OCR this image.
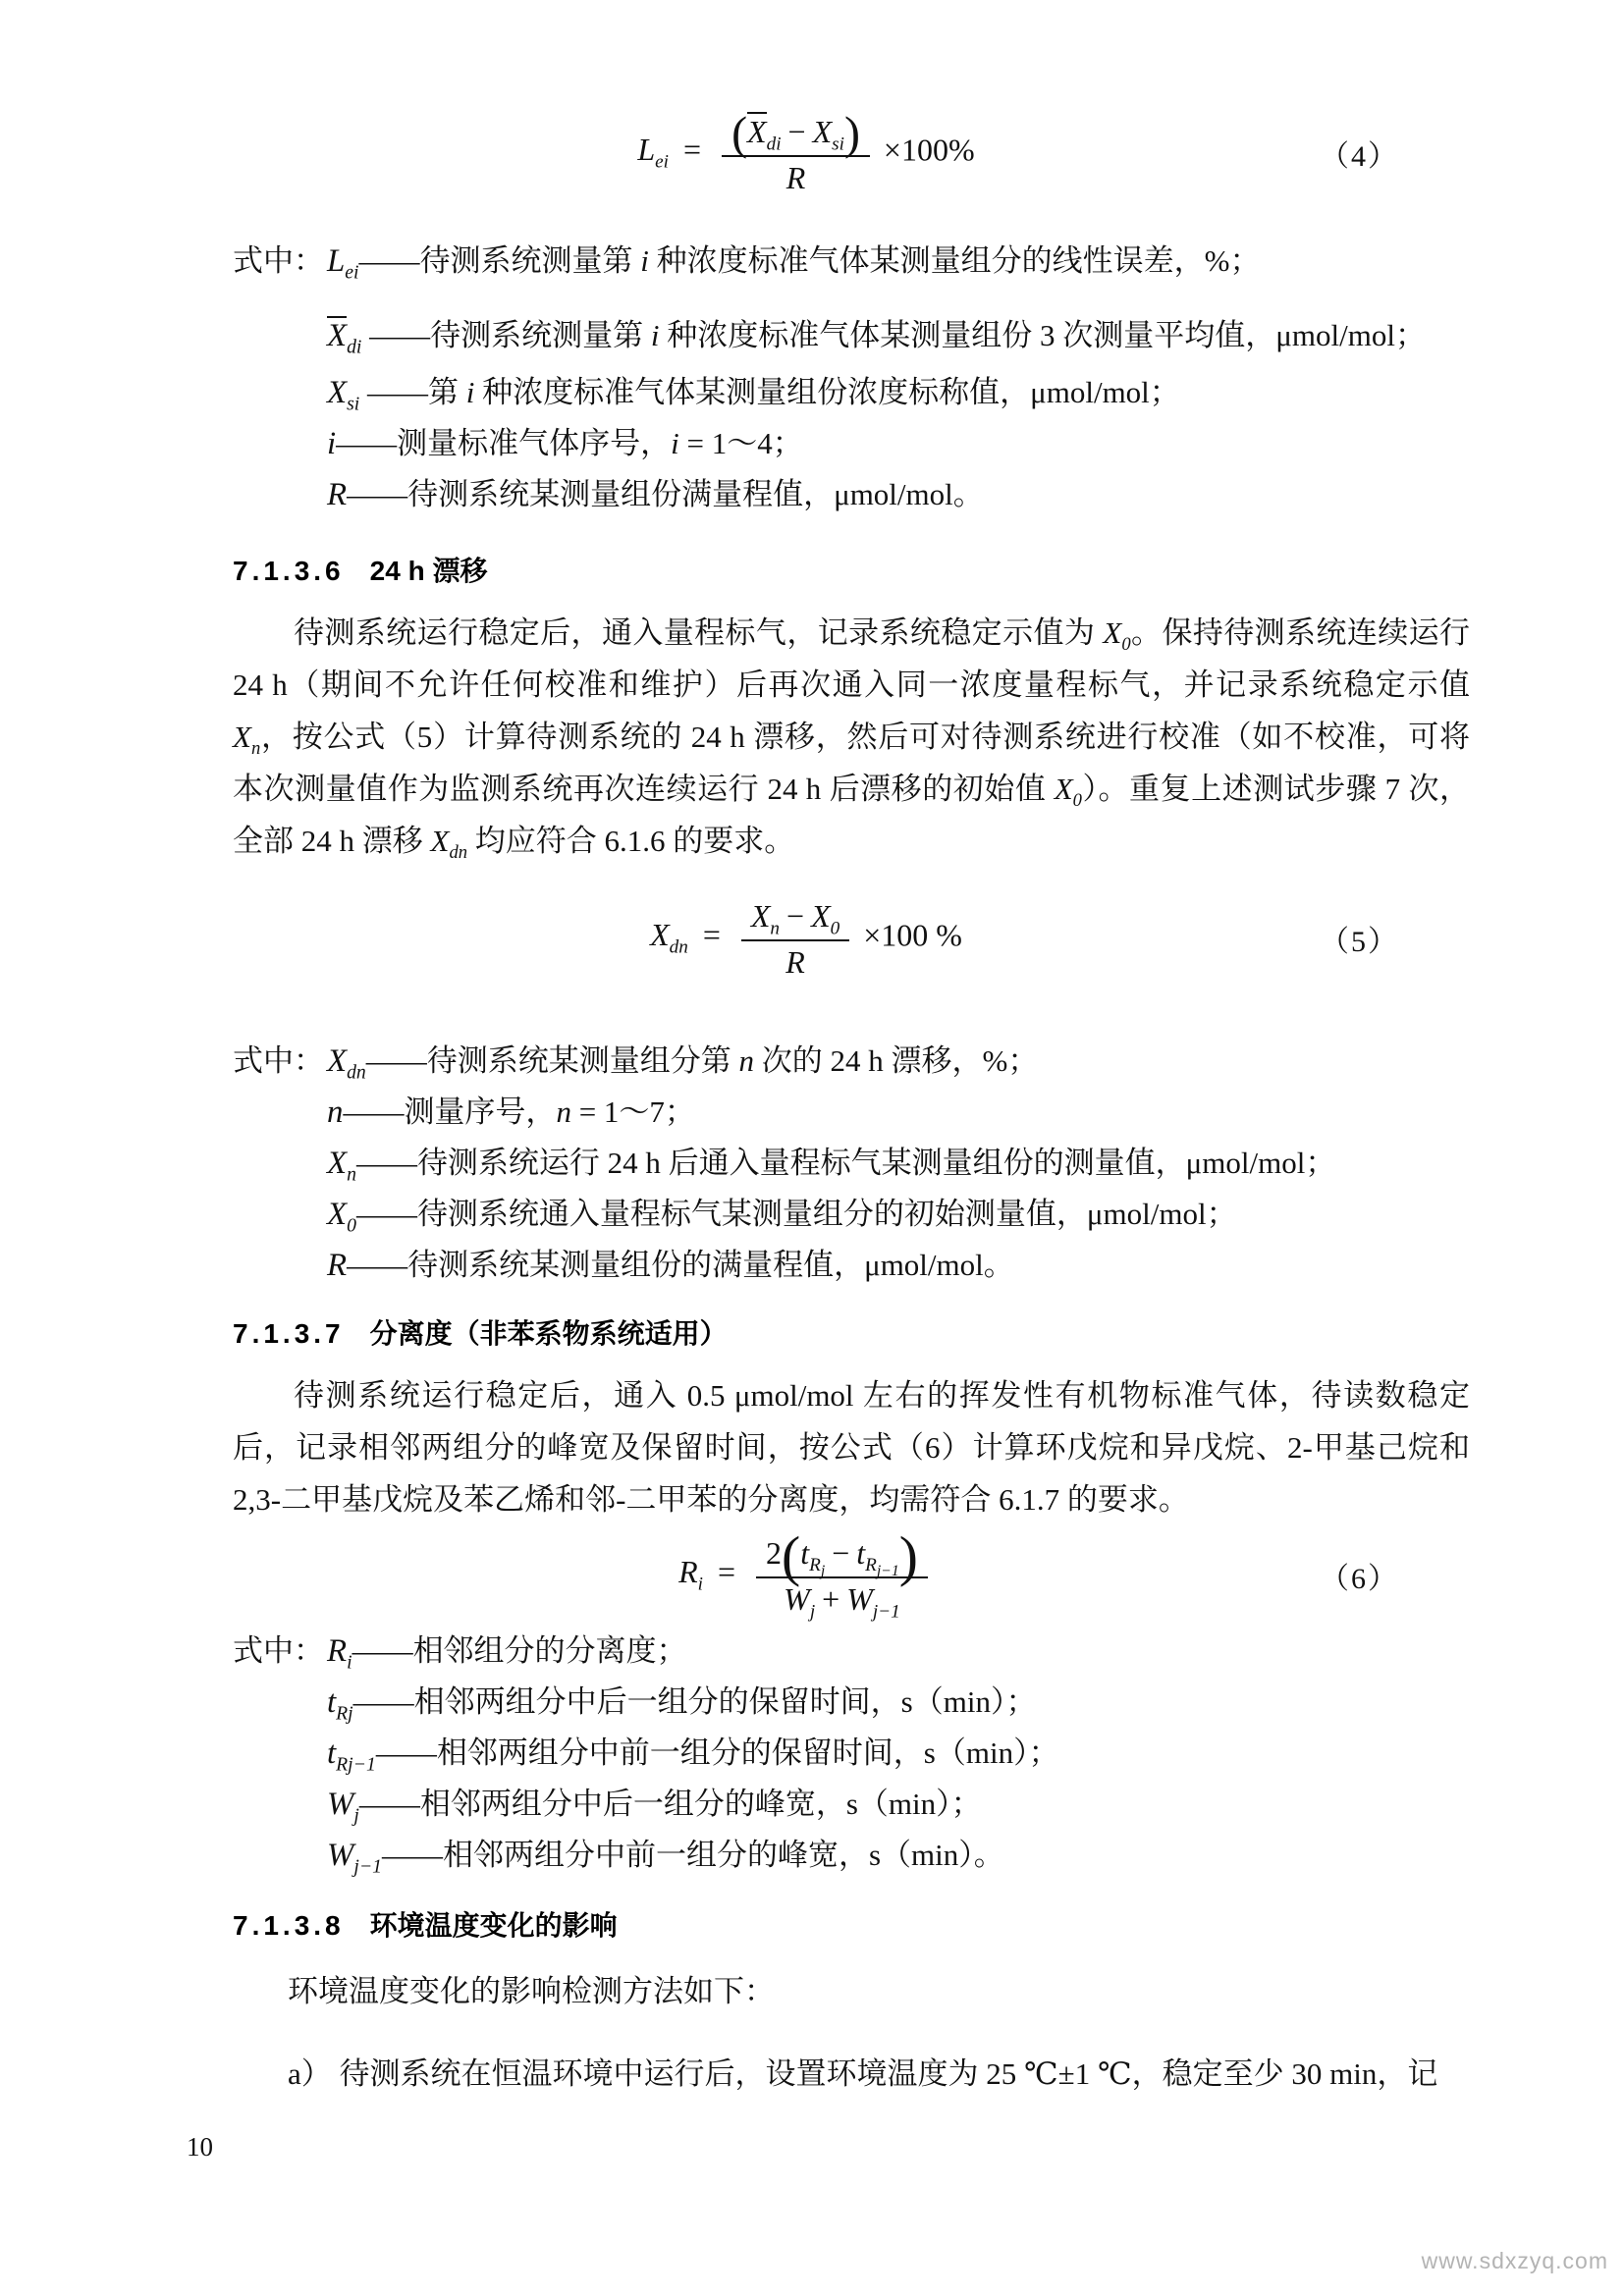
$L_{ei} = \frac{(X_{di} - X_{si})}{R} \times 100\%$	（4）
式中：$L_{ei}——$待测系统测量第 i 种浓度标准气体某测量组分的线性误差，%；
$X_{di}$ ——待测系统测量第 i 种浓度标准气体某测量组份 3 次测量平均值，μmol/mol；
$X_{si}$ ——第 i 种浓度标准气体某测量组份浓度标称值，μmol/mol；
i——测量标准气体序号，i = 1～4；
R——待测系统某测量组份满量程值，μmol/mol。
7.1.3.6 24 h 漂移

待测系统运行稳定后，通入量程标气，记录系统稳定示值为 $X_0$。保持待测系统连续运行 24 h（期间不允许任何校准和维护）后再次通入同一浓度量程标气，并记录系统稳定示值 $X_n$，按公式（5）计算待测系统的 24 h 漂移，然后可对待测系统进行校准（如不校准，可将本次测量值作为监测系统再次连续运行 24 h 后漂移的初始值 $X_0$）。重复上述测试步骤 7 次，全部 24 h 漂移 $X_{dn}$ 均应符合 6.1.6 的要求。

$X_{dn} = \frac{X_n - X_0}{R} \times 100$ %	（5）
式中：$X_{dn}——$待测系统某测量组分第 n 次的 24 h 漂移，%；
n——测量序号，n = 1～7；
$X_n——$待测系统运行 24 h 后通入量程标气某测量组份的测量值，μmol/mol；
$X_0——$待测系统通入量程标气某测量组分的初始测量值，μmol/mol；
R——待测系统某测量组份的满量程值，μmol/mol。
7.1.3.7 分离度（非苯系物系统适用）

待测系统运行稳定后，通入 0.5 μmol/mol 左右的挥发性有机物标准气体，待读数稳定后，记录相邻两组分的峰宽及保留时间，按公式（6）计算环戊烷和异戊烷、2-甲基己烷和 2,3-二甲基戊烷及苯乙烯和邻-二甲苯的分离度，均需符合 6.1.7 的要求。

$R_i = \frac{2(t_{R_j}- t_{R_{j-1}})}{W_j + W_{j-1}}$	（6）
式中：$R_i——$相邻组分的分离度；
$t_{Rj}——$相邻两组分中后一组分的保留时间，s（min）；
$t_{Rj-1}——$相邻两组分中前一组分的保留时间，s（min）；
$W_j——$相邻两组分中后一组分的峰宽，s（min）；
$W_{j-1}——$相邻两组分中前一组分的峰宽，s（min）。
7.1.3.8 环境温度变化的影响

环境温度变化的影响检测方法如下：

a） 待测系统在恒温环境中运行后，设置环境温度为 25 ℃±1 ℃，稳定至少 30 min，记

10
www.sdxzyq.com
